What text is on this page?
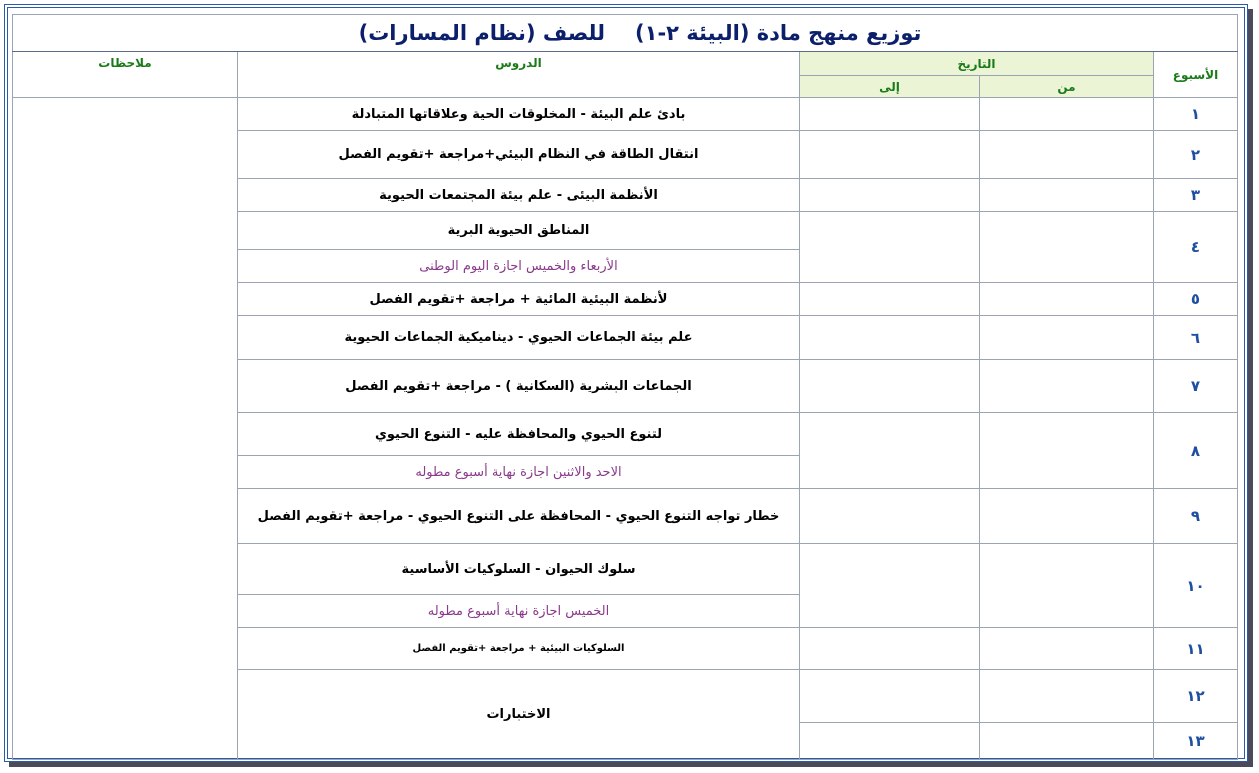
توزيع منهج مادة (البيئة ٢-١)للصف (نظام المسارات)				
الأسبوع	التاريخ		الدروس	ملاحظات
	من	إلى		
١			بادئ علم البيئة - المخلوقات الحية وعلاقاتها المتبادلة	
٢			انتقال الطاقة في النظام البيئي+مراجعة +تقويم الفصل	
٣			الأنظمة البيئى - علم بيئة المجتمعات الحيوية	
٤			المناطق الحيوية البرية	
			الأربعاء والخميس اجازة اليوم الوطنى	
٥			لأنظمة البيئية المائية + مراجعة +تقويم الفصل	
٦			علم بيئة الجماعات الحيوي - ديناميكية الجماعات الحيوية	
٧			الجماعات البشرية (السكانية ) - مراجعة +تقويم الفصل	
٨			لتنوع الحيوي والمحافظة عليه - التنوع الحيوي	
			الاحد والاثنين اجازة نهاية أسبوع مطوله	
٩			خطار تواجه التنوع الحيوي - المحافظة على التنوع الحيوي - مراجعة +تقويم الفصل	
١٠			سلوك الحيوان - السلوكيات الأساسية	
			الخميس اجازة نهاية أسبوع مطوله	
١١			السلوكيات البيئية + مراجعة +تقويم الفصل	
١٢			الاختبارات	
١٣				
